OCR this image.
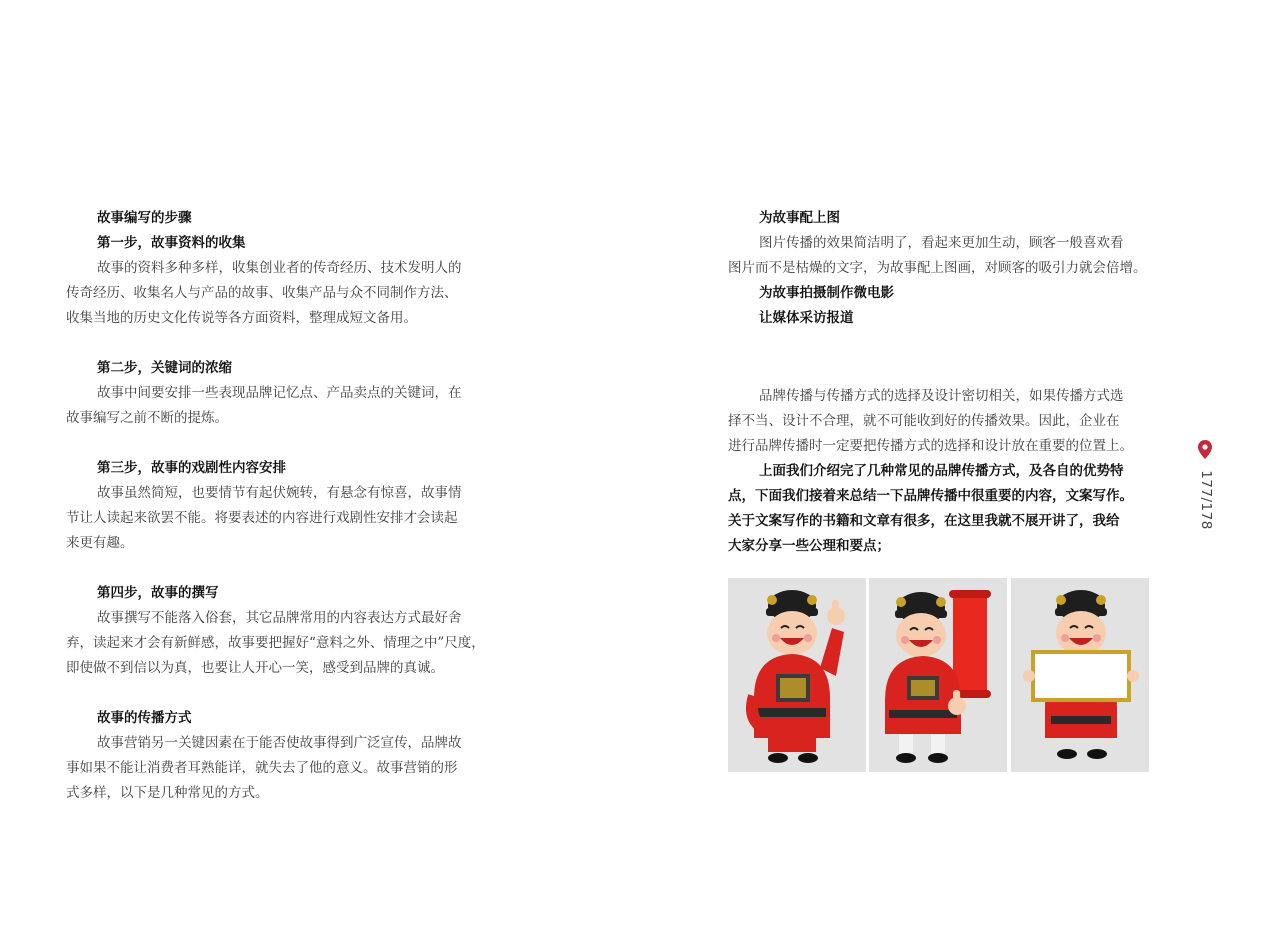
故事编写的步骤
第一步，故事资料的收集
故事的资料多种多样，收集创业者的传奇经历、技术发明人的
传奇经历、收集名人与产品的故事、收集产品与众不同制作方法、
收集当地的历史文化传说等各方面资料，整理成短文备用。
第二步，关键词的浓缩
故事中间要安排一些表现品牌记忆点、产品卖点的关键词，在
故事编写之前不断的提炼。
第三步，故事的戏剧性内容安排
故事虽然简短，也要情节有起伏婉转，有悬念有惊喜，故事情
节让人读起来欲罢不能。将要表述的内容进行戏剧性安排才会读起
来更有趣。
第四步，故事的撰写
故事撰写不能落入俗套，其它品牌常用的内容表达方式最好舍
弃，读起来才会有新鲜感，故事要把握好“意料之外、情理之中”尺度，
即使做不到信以为真，也要让人开心一笑，感受到品牌的真诚。
故事的传播方式
故事营销另一关键因素在于能否使故事得到广泛宣传，品牌故
事如果不能让消费者耳熟能详，就失去了他的意义。故事营销的形
式多样，以下是几种常见的方式。
为故事配上图
图片传播的效果简洁明了，看起来更加生动，顾客一般喜欢看
图片而不是枯燥的文字，为故事配上图画，对顾客的吸引力就会倍增。
为故事拍摄制作微电影
让媒体采访报道
品牌传播与传播方式的选择及设计密切相关，如果传播方式选
择不当、设计不合理，就不可能收到好的传播效果。因此，企业在
进行品牌传播时一定要把传播方式的选择和设计放在重要的位置上。
上面我们介绍完了几种常见的品牌传播方式，及各自的优势特
点，下面我们接着来总结一下品牌传播中很重要的内容，文案写作。
关于文案写作的书籍和文章有很多，在这里我就不展开讲了，我给
大家分享一些公理和要点；
177/178
